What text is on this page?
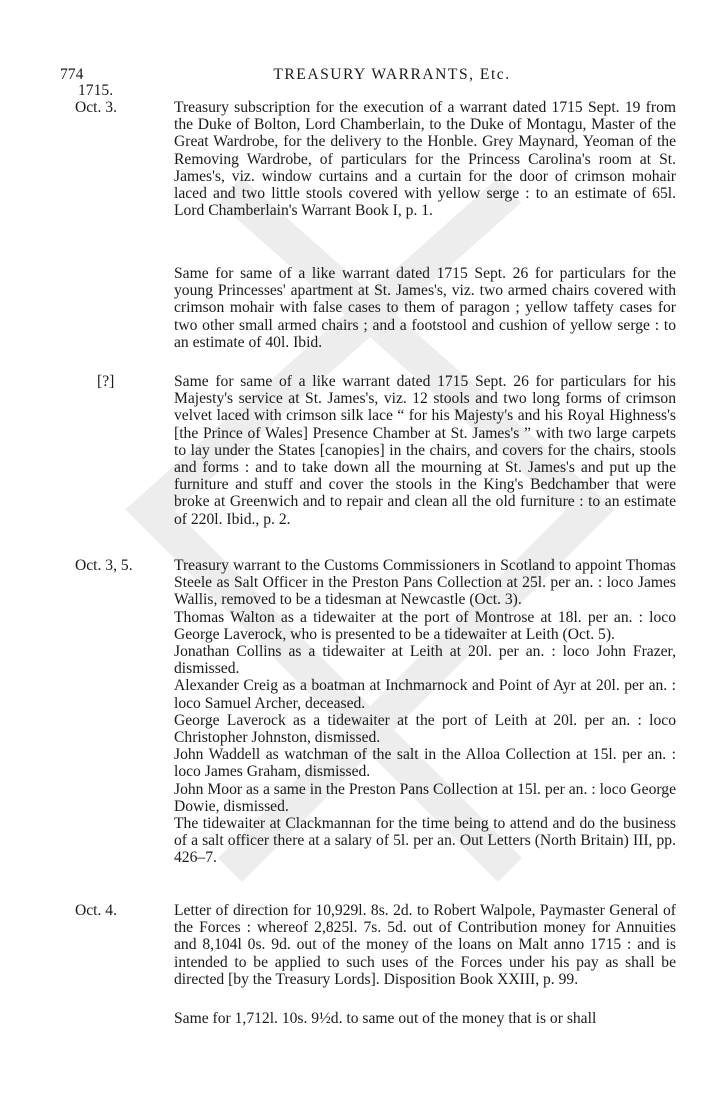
774	TREASURY WARRANTS, Etc.
1715.
Oct. 3.	Treasury subscription for the execution of a warrant dated 1715 Sept. 19 from the Duke of Bolton, Lord Chamberlain, to the Duke of Montagu, Master of the Great Wardrobe, for the delivery to the Honble. Grey Maynard, Yeoman of the Removing Wardrobe, of particulars for the Princess Carolina's room at St. James's, viz. window curtains and a curtain for the door of crimson mohair laced and two little stools covered with yellow serge : to an estimate of 65l. Lord Chamberlain's Warrant Book I, p. 1.

Same for same of a like warrant dated 1715 Sept. 26 for particulars for the young Princesses' apartment at St. James's, viz. two armed chairs covered with crimson mohair with false cases to them of paragon ; yellow taffety cases for two other small armed chairs ; and a footstool and cushion of yellow serge : to an estimate of 40l. Ibid.

[?]	Same for same of a like warrant dated 1715 Sept. 26 for particulars for his Majesty's service at St. James's, viz. 12 stools and two long forms of crimson velvet laced with crimson silk lace “ for his Majesty's and his Royal Highness's [the Prince of Wales] Presence Chamber at St. James's ” with two large carpets to lay under the States [canopies] in the chairs, and covers for the chairs, stools and forms : and to take down all the mourning at St. James's and put up the furniture and stuff and cover the stools in the King's Bedchamber that were broke at Greenwich and to repair and clean all the old furniture : to an estimate of 220l. Ibid., p. 2.

Oct. 3, 5.	Treasury warrant to the Customs Commissioners in Scotland to appoint Thomas Steele as Salt Officer in the Preston Pans Collection at 25l. per an. : loco James Wallis, removed to be a tidesman at Newcastle (Oct. 3).

Thomas Walton as a tidewaiter at the port of Montrose at 18l. per an. : loco George Laverock, who is presented to be a tidewaiter at Leith (Oct. 5).

Jonathan Collins as a tidewaiter at Leith at 20l. per an. : loco John Frazer, dismissed.

Alexander Creig as a boatman at Inchmarnock and Point of Ayr at 20l. per an. : loco Samuel Archer, deceased.

George Laverock as a tidewaiter at the port of Leith at 20l. per an. : loco Christopher Johnston, dismissed.

John Waddell as watchman of the salt in the Alloa Collection at 15l. per an. : loco James Graham, dismissed.

John Moor as a same in the Preston Pans Collection at 15l. per an. : loco George Dowie, dismissed.

The tidewaiter at Clackmannan for the time being to attend and do the business of a salt officer there at a salary of 5l. per an. Out Letters (North Britain) III, pp. 426–7.

Oct. 4.	Letter of direction for 10,929l. 8s. 2d. to Robert Walpole, Paymaster General of the Forces : whereof 2,825l. 7s. 5d. out of Contribution money for Annuities and 8,104l 0s. 9d. out of the money of the loans on Malt anno 1715 : and is intended to be applied to such uses of the Forces under his pay as shall be directed [by the Treasury Lords]. Disposition Book XXIII, p. 99.

Same for 1,712l. 10s. 9½d. to same out of the money that is or shall
